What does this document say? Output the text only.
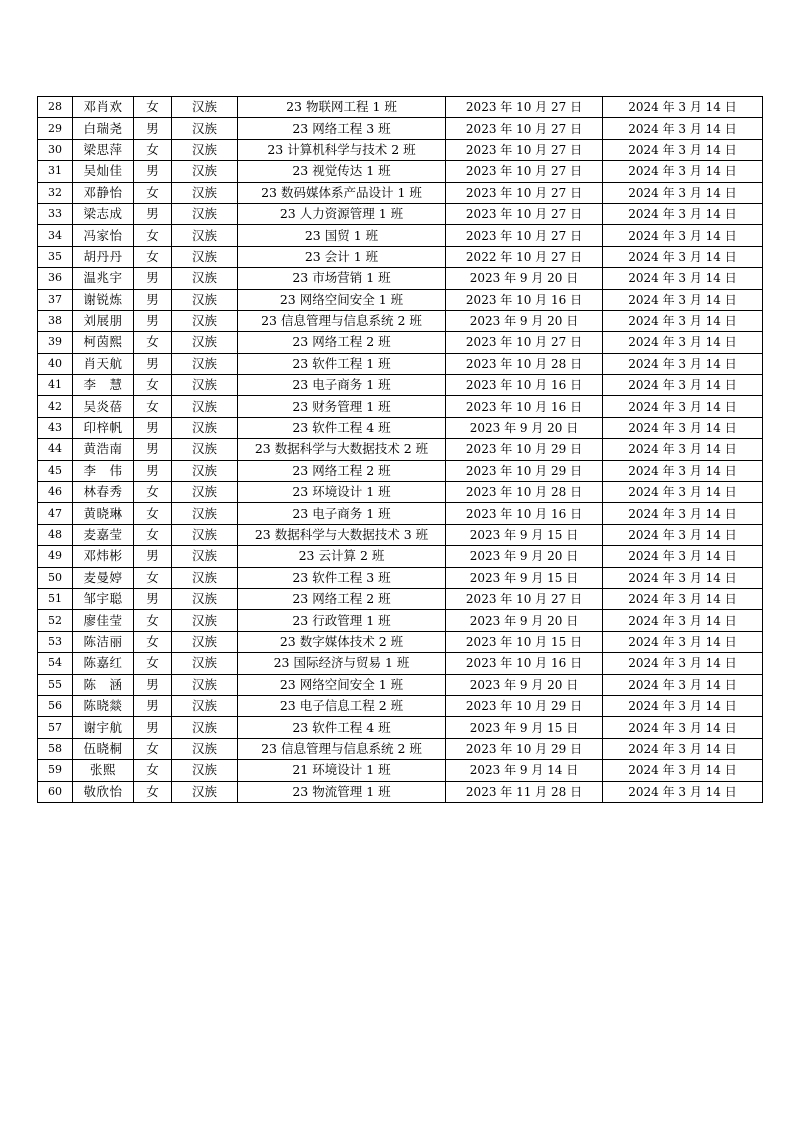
28	邓肖欢	女	汉族	23 物联网工程 1 班	2023 年 10 月 27 日	2024 年 3 月 14 日
29	白瑞尧	男	汉族	23 网络工程 3 班	2023 年 10 月 27 日	2024 年 3 月 14 日
30	梁思萍	女	汉族	23 计算机科学与技术 2 班	2023 年 10 月 27 日	2024 年 3 月 14 日
31	吴灿佳	男	汉族	23 视觉传达 1 班	2023 年 10 月 27 日	2024 年 3 月 14 日
32	邓静怡	女	汉族	23 数码媒体系产品设计 1 班	2023 年 10 月 27 日	2024 年 3 月 14 日
33	梁志成	男	汉族	23 人力资源管理 1 班	2023 年 10 月 27 日	2024 年 3 月 14 日
34	冯家怡	女	汉族	23 国贸 1 班	2023 年 10 月 27 日	2024 年 3 月 14 日
35	胡丹丹	女	汉族	23 会计 1 班	2022 年 10 月 27 日	2024 年 3 月 14 日
36	温兆宇	男	汉族	23 市场营销 1 班	2023 年 9 月 20 日	2024 年 3 月 14 日
37	谢锐炼	男	汉族	23 网络空间安全 1 班	2023 年 10 月 16 日	2024 年 3 月 14 日
38	刘展朋	男	汉族	23 信息管理与信息系统 2 班	2023 年 9 月 20 日	2024 年 3 月 14 日
39	柯茵熙	女	汉族	23 网络工程 2 班	2023 年 10 月 27 日	2024 年 3 月 14 日
40	肖天航	男	汉族	23 软件工程 1 班	2023 年 10 月 28 日	2024 年 3 月 14 日
41	李　慧	女	汉族	23 电子商务 1 班	2023 年 10 月 16 日	2024 年 3 月 14 日
42	吴炎蓓	女	汉族	23 财务管理 1 班	2023 年 10 月 16 日	2024 年 3 月 14 日
43	印梓帆	男	汉族	23 软件工程 4 班	2023 年 9 月 20 日	2024 年 3 月 14 日
44	黄浩南	男	汉族	23 数据科学与大数据技术 2 班	2023 年 10 月 29 日	2024 年 3 月 14 日
45	李　伟	男	汉族	23 网络工程 2 班	2023 年 10 月 29 日	2024 年 3 月 14 日
46	林春秀	女	汉族	23 环境设计 1 班	2023 年 10 月 28 日	2024 年 3 月 14 日
47	黄晓琳	女	汉族	23 电子商务 1 班	2023 年 10 月 16 日	2024 年 3 月 14 日
48	麦嘉莹	女	汉族	23 数据科学与大数据技术 3 班	2023 年 9 月 15 日	2024 年 3 月 14 日
49	邓炜彬	男	汉族	23 云计算 2 班	2023 年 9 月 20 日	2024 年 3 月 14 日
50	麦曼婷	女	汉族	23 软件工程 3 班	2023 年 9 月 15 日	2024 年 3 月 14 日
51	邹宇聪	男	汉族	23 网络工程 2 班	2023 年 10 月 27 日	2024 年 3 月 14 日
52	廖佳莹	女	汉族	23 行政管理 1 班	2023 年 9 月 20 日	2024 年 3 月 14 日
53	陈洁丽	女	汉族	23 数字媒体技术 2 班	2023 年 10 月 15 日	2024 年 3 月 14 日
54	陈嘉红	女	汉族	23 国际经济与贸易 1 班	2023 年 10 月 16 日	2024 年 3 月 14 日
55	陈　涵	男	汉族	23 网络空间安全 1 班	2023 年 9 月 20 日	2024 年 3 月 14 日
56	陈晓燚	男	汉族	23 电子信息工程 2 班	2023 年 10 月 29 日	2024 年 3 月 14 日
57	谢宇航	男	汉族	23 软件工程 4 班	2023 年 9 月 15 日	2024 年 3 月 14 日
58	伍晓桐	女	汉族	23 信息管理与信息系统 2 班	2023 年 10 月 29 日	2024 年 3 月 14 日
59	张熙	女	汉族	21 环境设计 1 班	2023 年 9 月 14 日	2024 年 3 月 14 日
60	敬欣怡	女	汉族	23 物流管理 1 班	2023 年 11 月 28 日	2024 年 3 月 14 日
